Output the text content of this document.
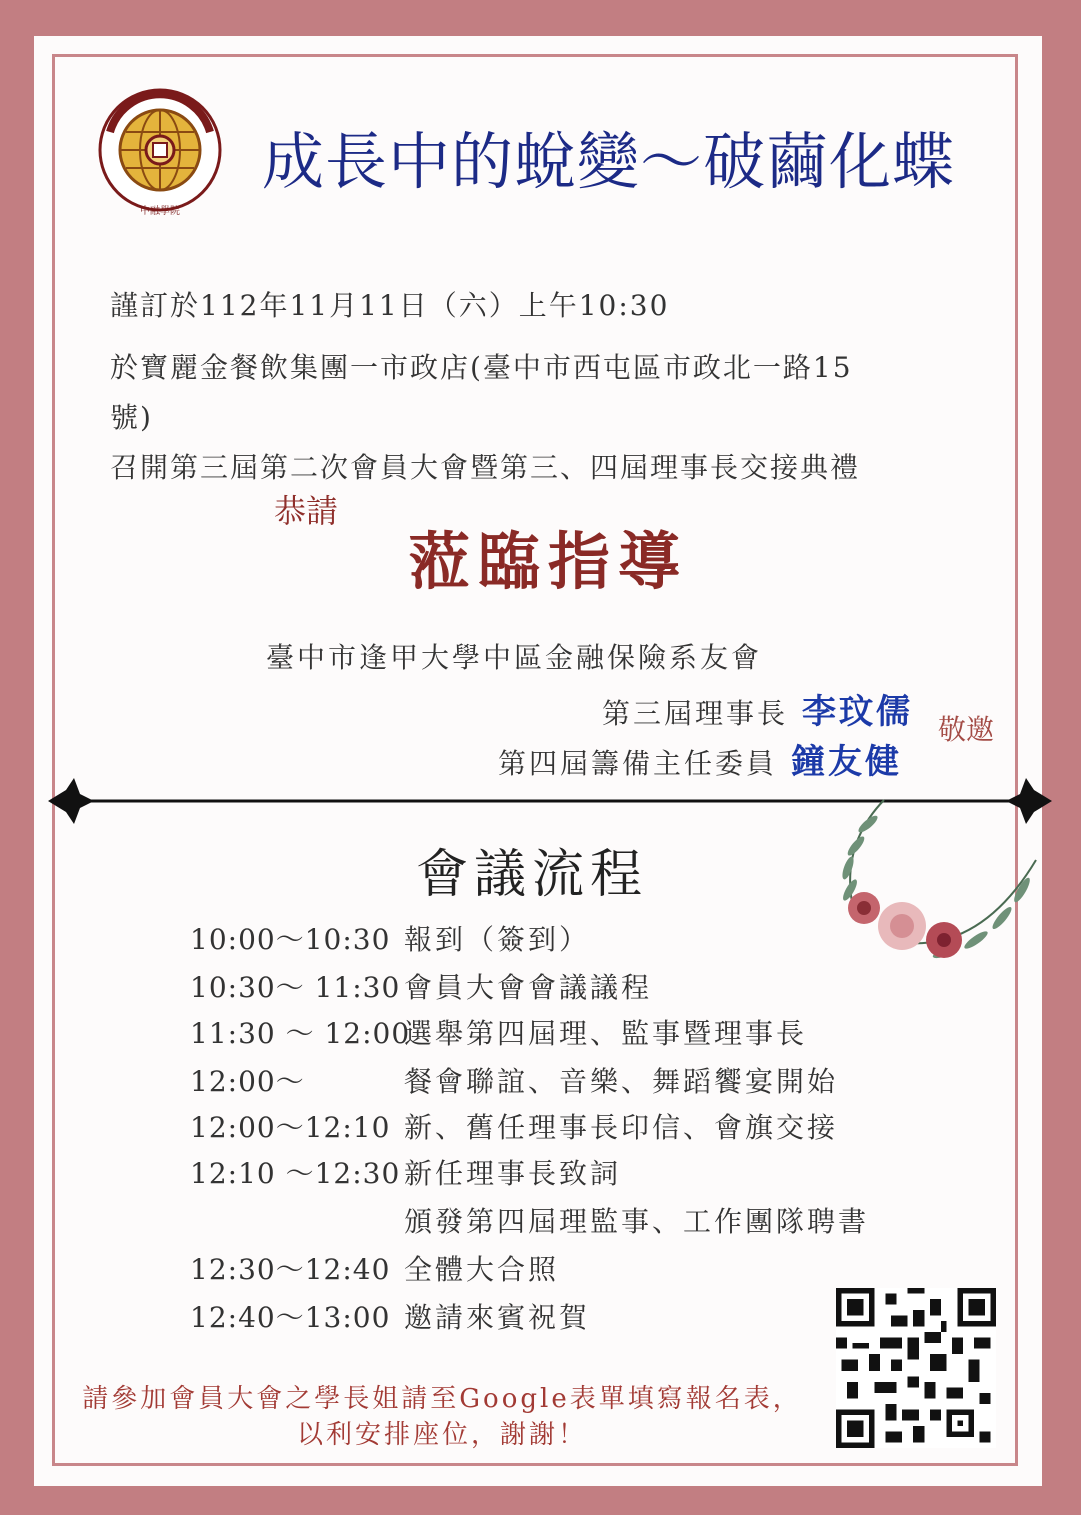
中融學院
成長中的蛻變～破繭化蝶
謹訂於112年11月11日（六）上午10:30
於寶麗金餐飲集團一市政店(臺中市西屯區市政北一路15
號)
召開第三屆第二次會員大會暨第三、四屆理事長交接典禮
恭請
蒞臨指導
臺中市逢甲大學中區金融保險系友會
第三屆理事長 李玟儒
第四屆籌備主任委員 鐘友健
敬邀
會議流程
10:00～10:30 報到（簽到）
10:30～ 11:30 會員大會會議議程
11:30 ～ 12:00選舉第四屆理、監事暨理事長
12:00～	餐會聯誼、音樂、舞蹈饗宴開始
12:00～12:10 新、舊任理事長印信、會旗交接
12:10 ～12:30 新任理事長致詞
頒發第四屆理監事、工作團隊聘書
12:30～12:40 全體大合照
12:40～13:00 邀請來賓祝賀
請參加會員大會之學長姐請至Google表單填寫報名表，
以利安排座位，謝謝！
